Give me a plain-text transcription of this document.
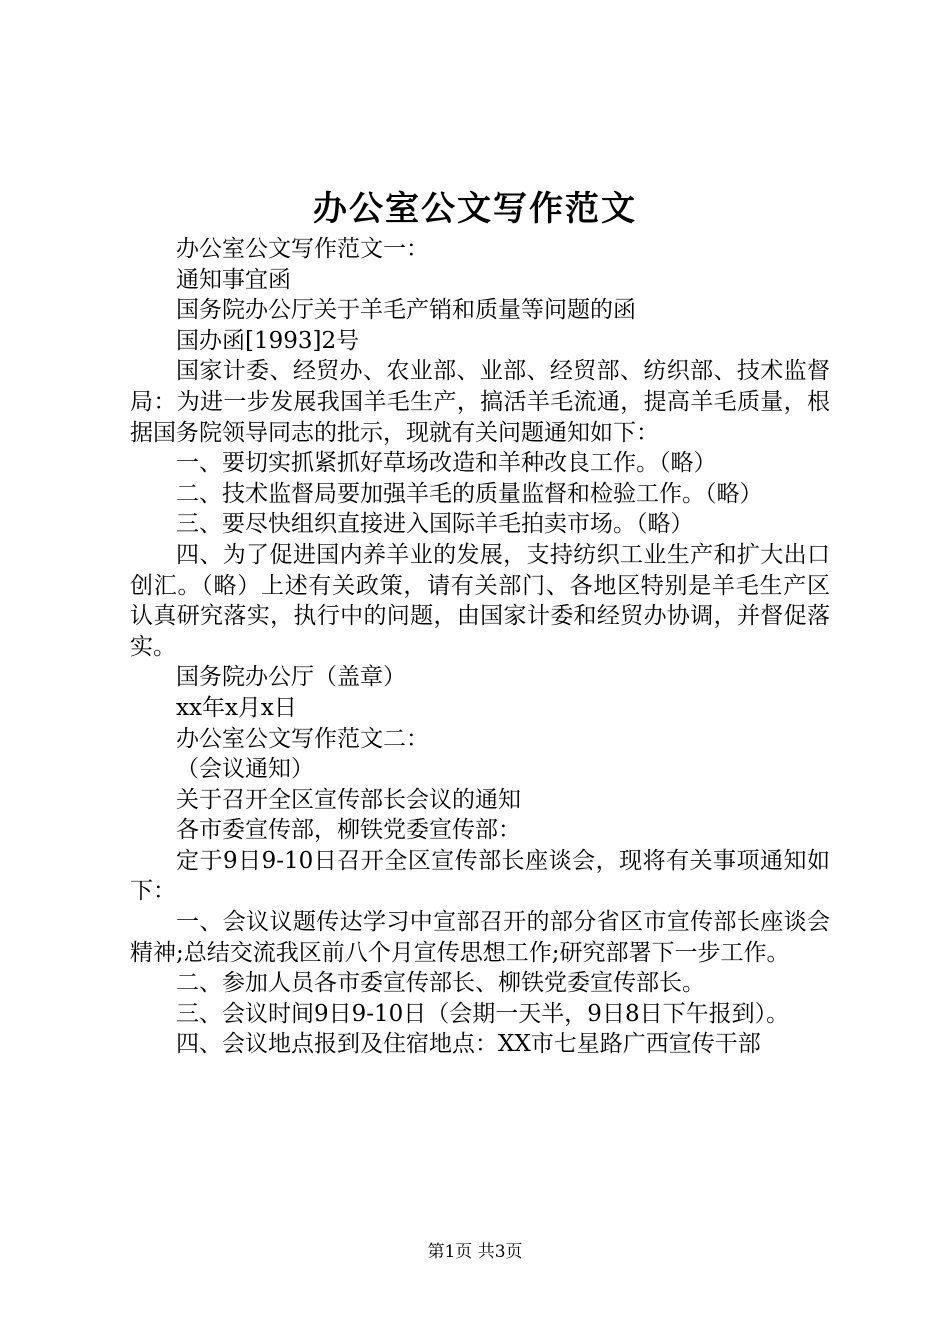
办公室公文写作范文

办公室公文写作范文一：

通知事宜函

国务院办公厅关于羊毛产销和质量等问题的函

国办函[1993]2号

国家计委、经贸办、农业部、业部、经贸部、纺织部、技术监督局：为进一步发展我国羊毛生产，搞活羊毛流通，提高羊毛质量，根据国务院领导同志的批示，现就有关问题通知如下：

一、要切实抓紧抓好草场改造和羊种改良工作。（略）

二、技术监督局要加强羊毛的质量监督和检验工作。（略）

三、要尽快组织直接进入国际羊毛拍卖市场。（略）

四、为了促进国内养羊业的发展，支持纺织工业生产和扩大出口创汇。（略）上述有关政策，请有关部门、各地区特别是羊毛生产区认真研究落实，执行中的问题，由国家计委和经贸办协调，并督促落实。

国务院办公厅（盖章）

xx年x月x日

办公室公文写作范文二：

（会议通知）

关于召开全区宣传部长会议的通知

各市委宣传部，柳铁党委宣传部：

定于9日9-10日召开全区宣传部长座谈会，现将有关事项通知如下：

一、会议议题传达学习中宣部召开的部分省区市宣传部长座谈会精神;总结交流我区前八个月宣传思想工作;研究部署下一步工作。

二、参加人员各市委宣传部长、柳铁党委宣传部长。

三、会议时间9日9-10日（会期一天半，9日8日下午报到）。

四、会议地点报到及住宿地点：XX市七星路广西宣传干部

第1页 共3页
